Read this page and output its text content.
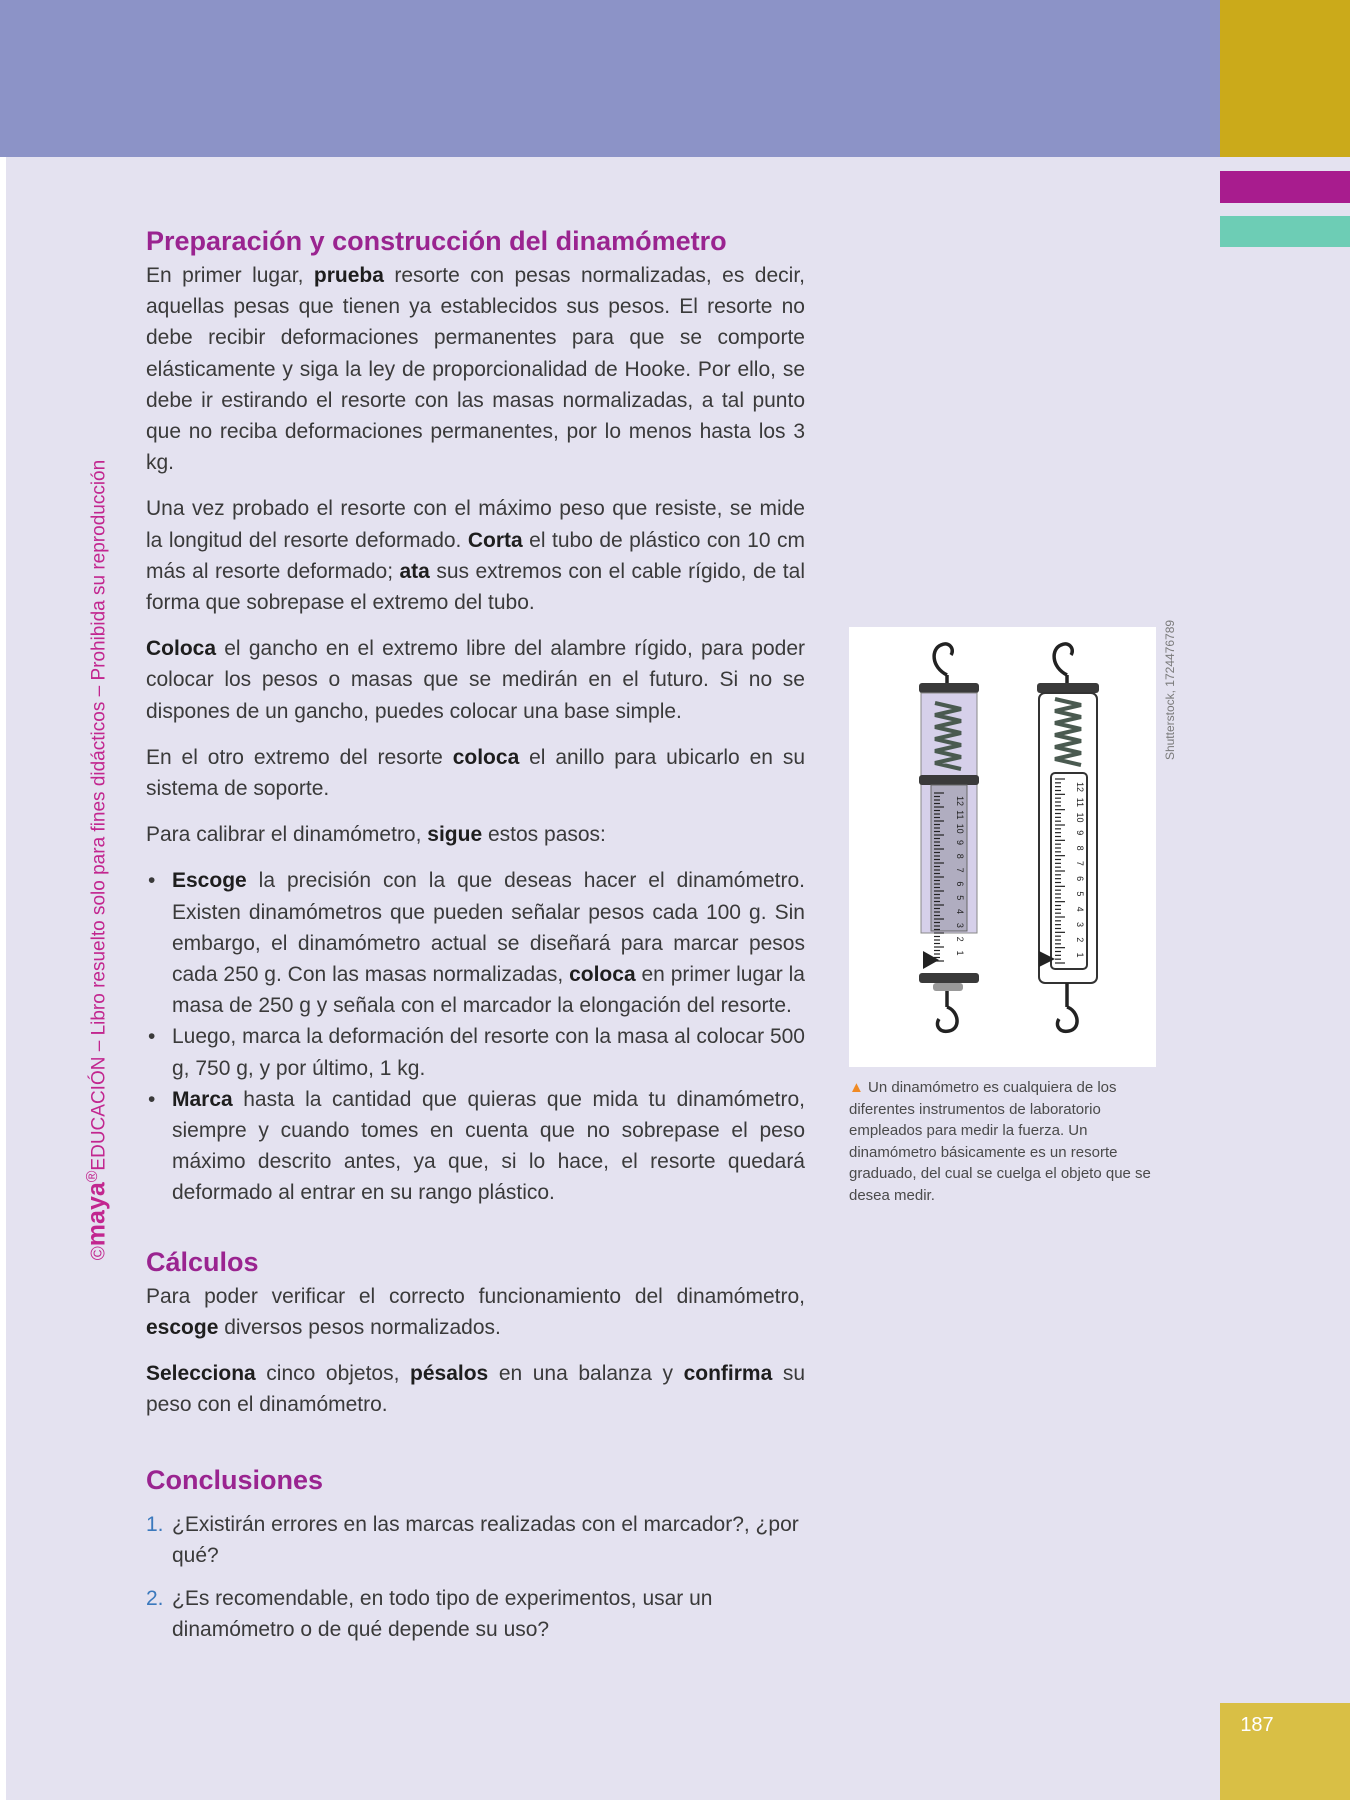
©maya®EDUCACIÓN – Libro resuelto solo para fines didácticos – Prohibida su reproducción
Preparación y construcción del dinamómetro

En primer lugar, prueba resorte con pesas normalizadas, es decir, aquellas pesas que tienen ya establecidos sus pesos. El resorte no debe recibir deformaciones permanentes para que se comporte elásticamente y siga la ley de proporcionalidad de Hooke. Por ello, se debe ir estirando el resorte con las masas normalizadas, a tal punto que no reciba deformaciones permanentes, por lo menos hasta los 3 kg.

Una vez probado el resorte con el máximo peso que resiste, se mide la longitud del resorte deformado. Corta el tubo de plástico con 10 cm más al resorte deformado; ata sus extremos con el cable rígido, de tal forma que sobrepase el extremo del tubo.

Coloca el gancho en el extremo libre del alambre rígido, para poder colocar los pesos o masas que se medirán en el futuro. Si no se dispones de un gancho, puedes colocar una base simple.

En el otro extremo del resorte coloca el anillo para ubicarlo en su sistema de soporte.

Para calibrar el dinamómetro, sigue estos pasos:

• Escoge la precisión con la que deseas hacer el dinamómetro. Existen dinamómetros que pueden señalar pesos cada 100 g. Sin embargo, el dinamómetro actual se diseñará para marcar pesos cada 250 g. Con las masas normalizadas, coloca en primer lugar la masa de 250 g y señala con el marcador la elongación del resorte.
• Luego, marca la deformación del resorte con la masa al colocar 500 g, 750 g, y por último, 1 kg.
• Marca hasta la cantidad que quieras que mida tu dinamómetro, siempre y cuando tomes en cuenta que no sobrepase el peso máximo descrito antes, ya que, si lo hace, el resorte quedará deformado al entrar en su rango plástico.
Cálculos

Para poder verificar el correcto funcionamiento del dinamómetro, escoge diversos pesos normalizados.

Selecciona cinco objetos, pésalos en una balanza y confirma su peso con el dinamómetro.

Conclusiones
1. ¿Existirán errores en las marcas realizadas con el marcador?, ¿por qué?
2. ¿Es recomendable, en todo tipo de experimentos, usar un dinamómetro o de qué depende su uso?
12
11
10
9
8
7
6
5
4
3
2
1
12
11
10
9
8
7
6
5
4
3
2
1
Shutterstock, 1724476789
▲ Un dinamómetro es cualquiera de los diferentes instrumentos de laboratorio empleados para medir la fuerza. Un dinamómetro básicamente es un resorte graduado, del cual se cuelga el objeto que se desea medir.
187
